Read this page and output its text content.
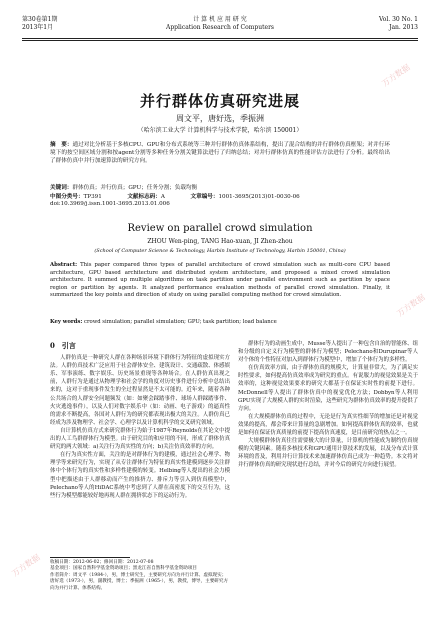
第30卷第1期
2013年1月
计 算 机 应 用 研 究
Application Research of Computers
Vol. 30 No. 1
Jan. 2013
并行群体仿真研究进展
周文平，唐好选，季振洲
（哈尔滨工业大学 计算机科学与技术学院，哈尔滨 150001）
摘　要：通过对比分析基于多核CPU、GPU和分布式系统等三种并行群体仿真体系结构，提出了混合结构的并行群体仿真框架；对并行环境下的按空间区域分割和按agent分割等多种任务分割关键算法进行了归纳总结；对并行群体仿真的性能评估方法进行了分析。最终给出了群体仿真中并行加速算法的研究方向。
关键词：群体仿真；并行仿真；GPU；任务分割；负载均衡
中图分类号：TP391	文献标志码：A	文章编号：1001-3695(2013)01-0030-06
doi:10.3969/j.issn.1001-3695.2013.01.006
Review on parallel crowd simulation
ZHOU Wen-ping, TANG Hao-xuan, JI Zhen-zhou
(School of Computer Science & Technology, Harbin Institute of Technology, Harbin 150001, China)
Abstract: This paper compared three types of parallel architecture of crowd simulation such as multi-core CPU based architecture, GPU based architecture and distributed system architecture, and proposed a mixed crowd simulation architecture. It summed up multiple algorithms on task partition under parallel environment such as partition by space region or partition by agents. It analyzed performance evaluation methods of parallel crowd simulation. Finally, it summarized the key points and direction of study on using parallel computing method for crowd simulation.
Key words: crowd simulation; parallel simulation; GPU; task partition; load balance

0　引言

人群仿真是一种研究人群在各种场景环境下群体行为特征的虚拟现实方法。人群仿真技术广泛应用于社会群体安全、建筑设计、交通疏散、体感娱乐、军事演练、数字娱乐、历史场景重现等各种场合。在人群仿真出现之前，人群行为是通过从物理学和社会学的角度对历史事件进行分析中总结出来的，这对于重现事件发生的全过程显然是不太可能的。近年来，随着各种公共场合的人群安全问题频发（如：如聚会踩踏事件、球场人群踩踏事件、火灾逃逸事件），以及人们对数字娱乐中（如：动画、电子游戏）的逼真性的需求不断提高，各国对人群行为的研究都表现出极大的关注。人群仿真已经成为涉及物理学、社会学、心理学以及计算机科学的交叉研究领域。

自计算机仿真方式来研究群体行为始于1987年Reynolds在其论文中提出的人工鸟群群体行为模型。由于研究目的和应用的不同，形成了群体仿真研究的两大领域：a)关注行为真实性的方向；b)关注仿真效率的方向。

在行为真实性方面，关注的是对群体行为的建模，通过社会心理学、物理学等来研究行为，实现了从专注群体行为特征的真实性建模到逐步关注群体中个体行为的真实性和多样性建模的转变。Helbing等人提出的社会力模型中把描述由于人群移动而产生的推挤力、排斥力等引入到仿真模型中，Pelechano等人的HiDAC系统中考虑到了人群在高密度下的交互行为，这些行为模型都能较好地再现人群在拥挤状态下的运动行为。

群体行为的动画生成中，Musse等人提出了一种包含自治的智能体、组和分级的自定义行为模型的群体行为模型；Pelechano和Durupinar等人对个体的个性特征对加入到群体行为模型中，增加了个体行为的多样性。

在仿真效率方面，由于群体仿真的规模大，计算量非常大，为了满足实时性要求，如何提高仿真效率成为研究的重点。有说服力的视觉效果是关于效率的，这种视觉效果要求的研究大都基于在保证实时性的前提下进行。McDonnell等人提出了群体仿真中的视觉优化方法；Dobbyn等人利用GPU实现了大规模人群的实时渲染，这些研究为群体仿真效率的提升提供了方向。

在大规模群体仿真的过程中，无论是行为真实性细节的增加还是对视觉效果的提高，都会带来计算量的急剧增加。如何提高群体仿真的效率，也就是如何在保证仿真质量的前提下提高仿真速度，是目前研究的热点之一。

大规模群体仿真往往需要极大的计算量，计算机的性能成为制约仿真规模的关键因素。随着多核技术和GPU通用计算技术的发展，以及分布式计算环境的普及，利用并行计算技术来加速群体仿真已成为一种趋势。本文将对并行群体仿真的研究现状进行总结，并对今后的研究方向进行展望。

收稿日期：2012-06-02；修回日期：2012-07-08
基金项目：国家自然科学基金资助项目；黑龙江省自然科学基金资助项目
作者简介：周文平（1984-），男，博士研究生，主要研究方向为并行计算、虚拟现实；唐好选（1973-），男，副教授，博士；季振洲（1965-），男，教授，博导，主要研究方向为并行计算、体系结构。
万方数据
万方数据
万方数据
